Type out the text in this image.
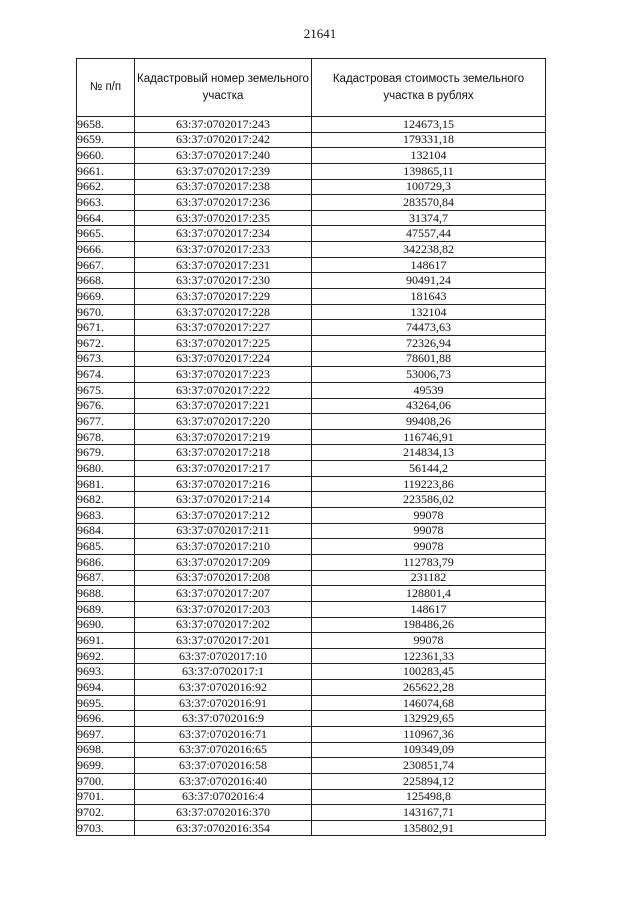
21641
№ п/п	Кадастровый номер земельного участка	Кадастровая стоимость земельного участка в рублях
9658.	63:37:0702017:243	124673,15
9659.	63:37:0702017:242	179331,18
9660.	63:37:0702017:240	132104
9661.	63:37:0702017:239	139865,11
9662.	63:37:0702017:238	100729,3
9663.	63:37:0702017:236	283570,84
9664.	63:37:0702017:235	31374,7
9665.	63:37:0702017:234	47557,44
9666.	63:37:0702017:233	342238,82
9667.	63:37:0702017:231	148617
9668.	63:37:0702017:230	90491,24
9669.	63:37:0702017:229	181643
9670.	63:37:0702017:228	132104
9671.	63:37:0702017:227	74473,63
9672.	63:37:0702017:225	72326,94
9673.	63:37:0702017:224	78601,88
9674.	63:37:0702017:223	53006,73
9675.	63:37:0702017:222	49539
9676.	63:37:0702017:221	43264,06
9677.	63:37:0702017:220	99408,26
9678.	63:37:0702017:219	116746,91
9679.	63:37:0702017:218	214834,13
9680.	63:37:0702017:217	56144,2
9681.	63:37:0702017:216	119223,86
9682.	63:37:0702017:214	223586,02
9683.	63:37:0702017:212	99078
9684.	63:37:0702017:211	99078
9685.	63:37:0702017:210	99078
9686.	63:37:0702017:209	112783,79
9687.	63:37:0702017:208	231182
9688.	63:37:0702017:207	128801,4
9689.	63:37:0702017:203	148617
9690.	63:37:0702017:202	198486,26
9691.	63:37:0702017:201	99078
9692.	63:37:0702017:10	122361,33
9693.	63:37:0702017:1	100283,45
9694.	63:37:0702016:92	265622,28
9695.	63:37:0702016:91	146074,68
9696.	63:37:0702016:9	132929,65
9697.	63:37:0702016:71	110967,36
9698.	63:37:0702016:65	109349,09
9699.	63:37:0702016:58	230851,74
9700.	63:37:0702016:40	225894,12
9701.	63:37:0702016:4	125498,8
9702.	63:37:0702016:370	143167,71
9703.	63:37:0702016:354	135802,91
